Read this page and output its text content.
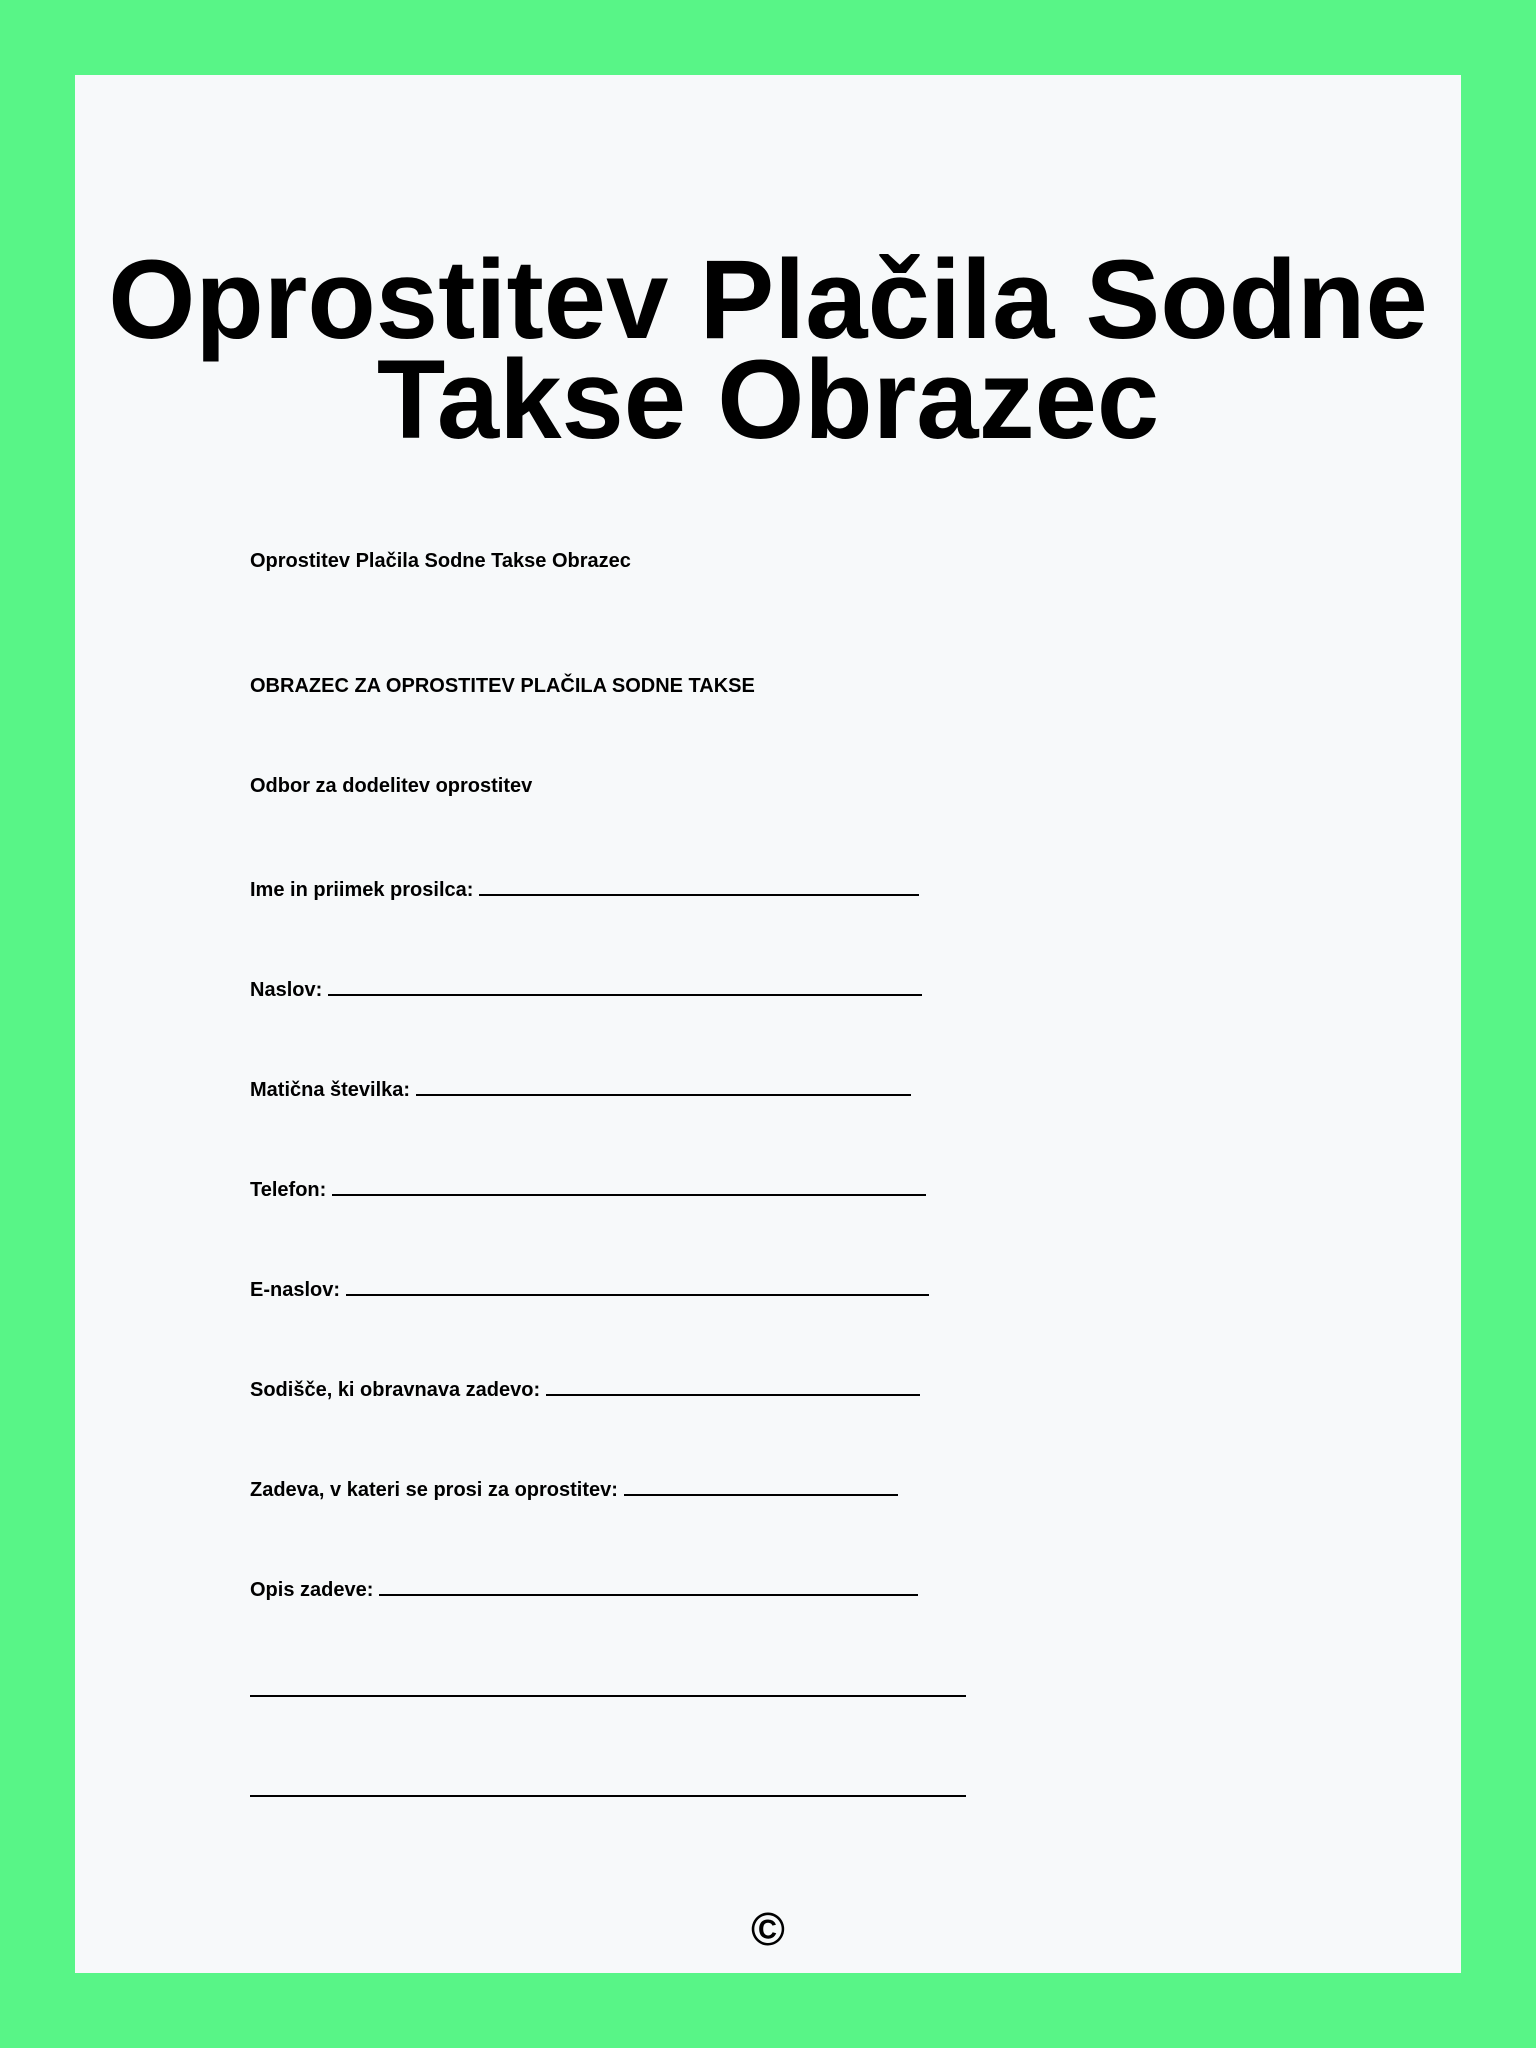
Oprostitev Plačila Sodne Takse Obrazec
Oprostitev Plačila Sodne Takse Obrazec
OBRAZEC ZA OPROSTITEV PLAČILA SODNE TAKSE
Odbor za dodelitev oprostitev
Ime in priimek prosilca:
Naslov:
Matična številka:
Telefon:
E-naslov:
Sodišče, ki obravnava zadevo:
Zadeva, v kateri se prosi za oprostitev:
Opis zadeve:
©
